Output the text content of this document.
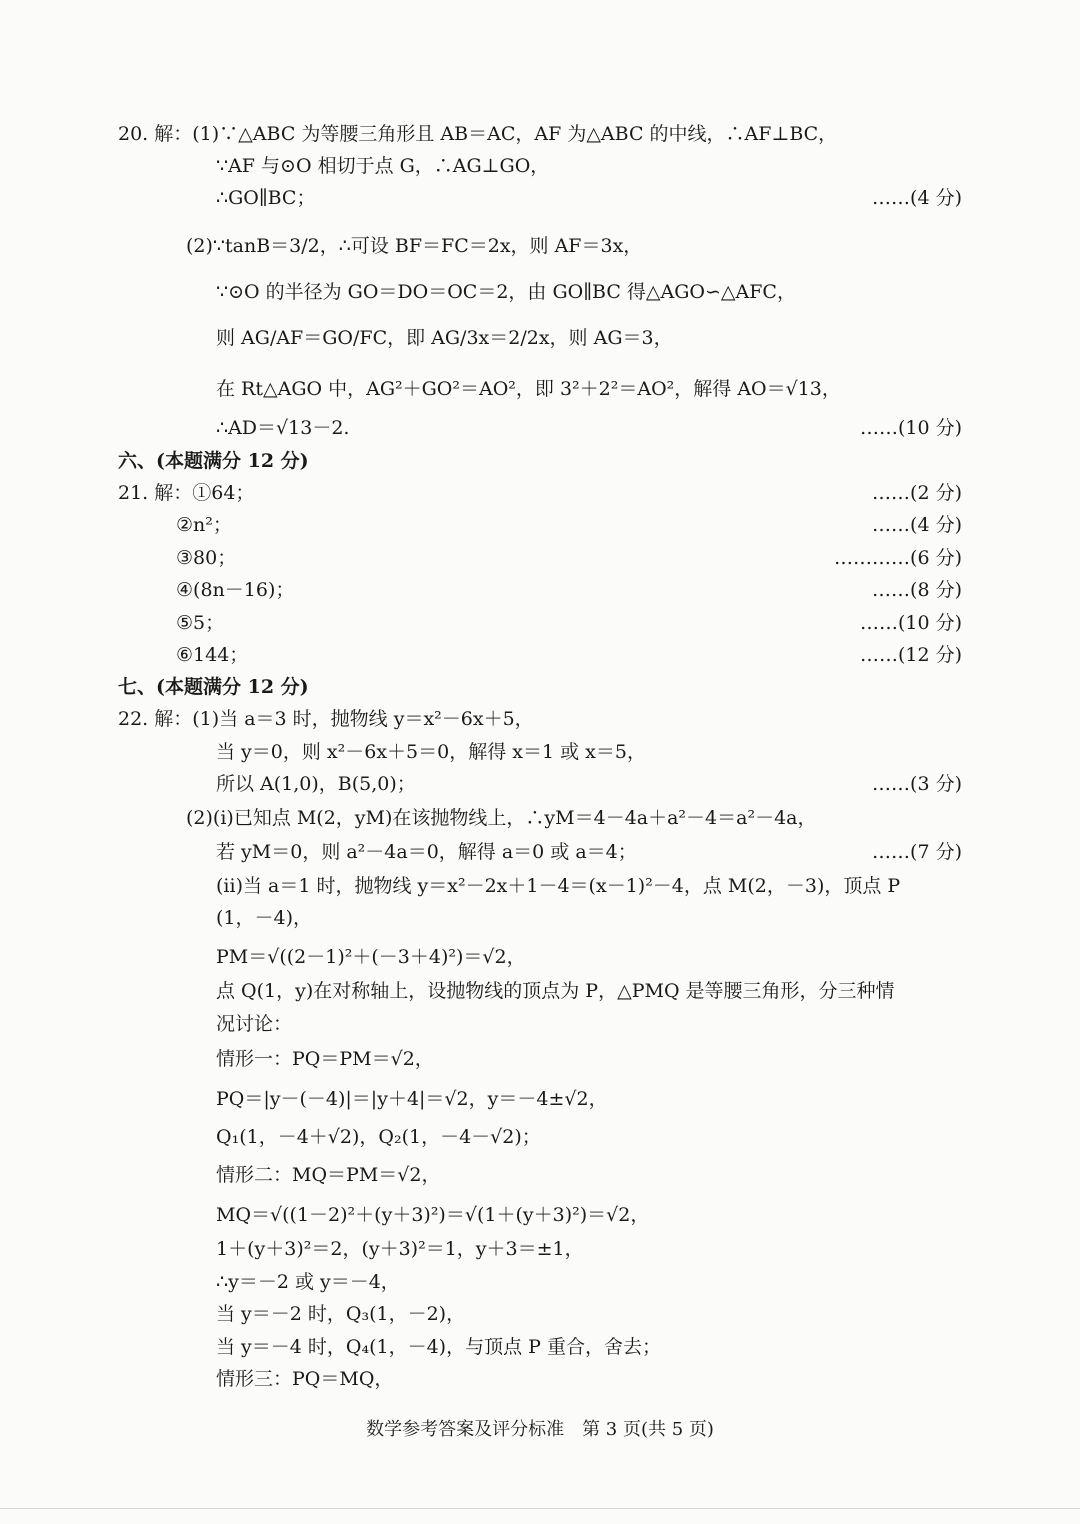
20. 解：(1)∵△ABC 为等腰三角形且 AB＝AC，AF 为△ABC 的中线，∴AF⊥BC，
∵AF 与⊙O 相切于点 G，∴AG⊥GO，
∴GO∥BC；	……(4 分)
(2)∵tanB＝3/2，∴可设 BF＝FC＝2x，则 AF＝3x，
∵⊙O 的半径为 GO＝DO＝OC＝2，由 GO∥BC 得△AGO∽△AFC，
则 AG/AF＝GO/FC，即 AG/3x＝2/2x，则 AG＝3，
在 Rt△AGO 中，AG²＋GO²＝AO²，即 3²＋2²＝AO²，解得 AO＝√13，
∴AD＝√13－2.	……(10 分)
六、(本题满分 12 分)
21. 解：①64；	……(2 分)
②n²；	……(4 分)
③80；	…………(6 分)
④(8n－16)；	……(8 分)
⑤5；	……(10 分)
⑥144；	……(12 分)
七、(本题满分 12 分)
22. 解：(1)当 a＝3 时，抛物线 y＝x²－6x＋5，
当 y＝0，则 x²－6x＋5＝0，解得 x＝1 或 x＝5，
所以 A(1,0)，B(5,0)；	……(3 分)
(2)(i)已知点 M(2，yM)在该抛物线上，∴yM＝4－4a＋a²－4＝a²－4a，
若 yM＝0，则 a²－4a＝0，解得 a＝0 或 a＝4；	……(7 分)
(ii)当 a＝1 时，抛物线 y＝x²－2x＋1－4＝(x－1)²－4，点 M(2，－3)，顶点 P
(1，－4)，
PM＝√((2－1)²＋(－3＋4)²)＝√2，
点 Q(1，y)在对称轴上，设抛物线的顶点为 P，△PMQ 是等腰三角形，分三种情
况讨论：
情形一：PQ＝PM＝√2，
PQ＝|y－(－4)|＝|y＋4|＝√2，y＝－4±√2，
Q₁(1，－4＋√2)，Q₂(1，－4－√2)；
情形二：MQ＝PM＝√2，
MQ＝√((1－2)²＋(y＋3)²)＝√(1＋(y＋3)²)＝√2，
1＋(y＋3)²＝2，(y＋3)²＝1，y＋3＝±1，
∴y＝－2 或 y＝－4，
当 y＝－2 时，Q₃(1，－2)，
当 y＝－4 时，Q₄(1，－4)，与顶点 P 重合，舍去；
情形三：PQ＝MQ，
数学参考答案及评分标准　第 3 页(共 5 页)
